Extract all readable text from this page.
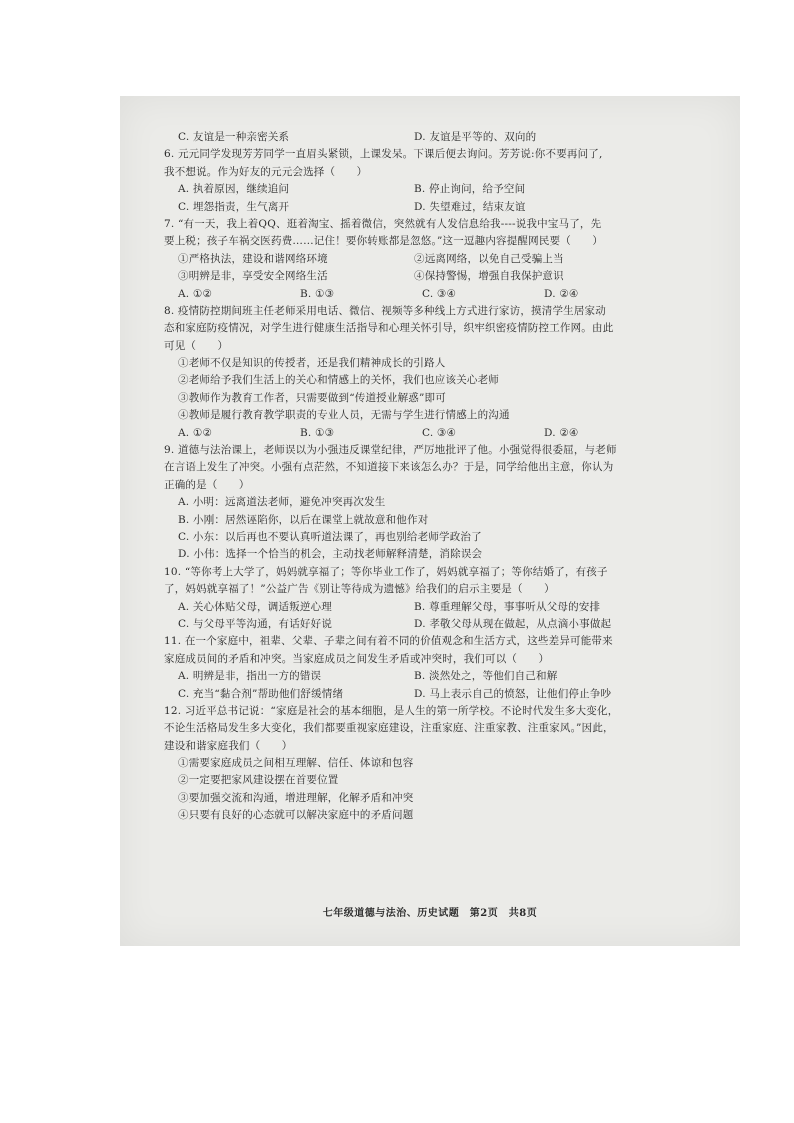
C. 友谊是一种亲密关系	D. 友谊是平等的、双向的
6. 元元同学发现芳芳同学一直眉头紧锁，上课发呆。下课后便去询问。芳芳说:你不要再问了,
我不想说。作为好友的元元会选择（　　）
A. 执着原因，继续追问	B. 停止询问，给予空间
C. 埋怨指责，生气离开	D. 失望难过，结束友谊
7. “有一天，我上着QQ、逛着淘宝、摇着微信，突然就有人发信息给我----说我中宝马了，先
要上税；孩子车祸交医药费……记住！要你转账都是忽悠。”这一逗趣内容提醒网民要（　　）
①严格执法，建设和谐网络环境	②远离网络，以免自己受骗上当
③明辨是非，享受安全网络生活	④保持警惕，增强自我保护意识
A. ①②	B. ①③	C. ③④	D. ②④
8. 疫情防控期间班主任老师采用电话、微信、视频等多种线上方式进行家访，摸清学生居家动
态和家庭防疫情况，对学生进行健康生活指导和心理关怀引导，织牢织密疫情防控工作网。由此
可见（　　）
①老师不仅是知识的传授者，还是我们精神成长的引路人
②老师给予我们生活上的关心和情感上的关怀，我们也应该关心老师
③教师作为教育工作者，只需要做到“传道授业解惑”即可
④教师是履行教育教学职责的专业人员，无需与学生进行情感上的沟通
A. ①②	B. ①③	C. ③④	D. ②④
9. 道德与法治课上，老师误以为小强违反课堂纪律，严厉地批评了他。小强觉得很委屈，与老师
在言语上发生了冲突。小强有点茫然，不知道接下来该怎么办？于是，同学给他出主意，你认为
正确的是（　　）
A. 小明：远离道法老师，避免冲突再次发生
B. 小刚：居然诬陷你，以后在课堂上就故意和他作对
C. 小东：以后再也不要认真听道法课了，再也别给老师学政治了
D. 小伟：选择一个恰当的机会，主动找老师解释清楚，消除误会
10. “等你考上大学了，妈妈就享福了；等你毕业工作了，妈妈就享福了；等你结婚了，有孩子
了，妈妈就享福了！”公益广告《别让等待成为遗憾》给我们的启示主要是（　　）
A. 关心体贴父母，调适叛逆心理	B. 尊重理解父母，事事听从父母的安排
C. 与父母平等沟通，有话好好说	D. 孝敬父母从现在做起，从点滴小事做起
11. 在一个家庭中，祖辈、父辈、子辈之间有着不同的价值观念和生活方式，这些差异可能带来
家庭成员间的矛盾和冲突。当家庭成员之间发生矛盾或冲突时，我们可以（　　）
A. 明辨是非，指出一方的错误	B. 淡然处之，等他们自己和解
C. 充当“黏合剂”帮助他们舒缓情绪	D. 马上表示自己的愤怒，让他们停止争吵
12. 习近平总书记说：“家庭是社会的基本细胞，是人生的第一所学校。不论时代发生多大变化，
不论生活格局发生多大变化，我们都要重视家庭建设，注重家庭、注重家教、注重家风。”因此，
建设和谐家庭我们（　　）
①需要家庭成员之间相互理解、信任、体谅和包容
②一定要把家风建设摆在首要位置
③要加强交流和沟通，增进理解，化解矛盾和冲突
④只要有良好的心态就可以解决家庭中的矛盾问题
七年级道德与法治、历史试题　第2页　共8页
